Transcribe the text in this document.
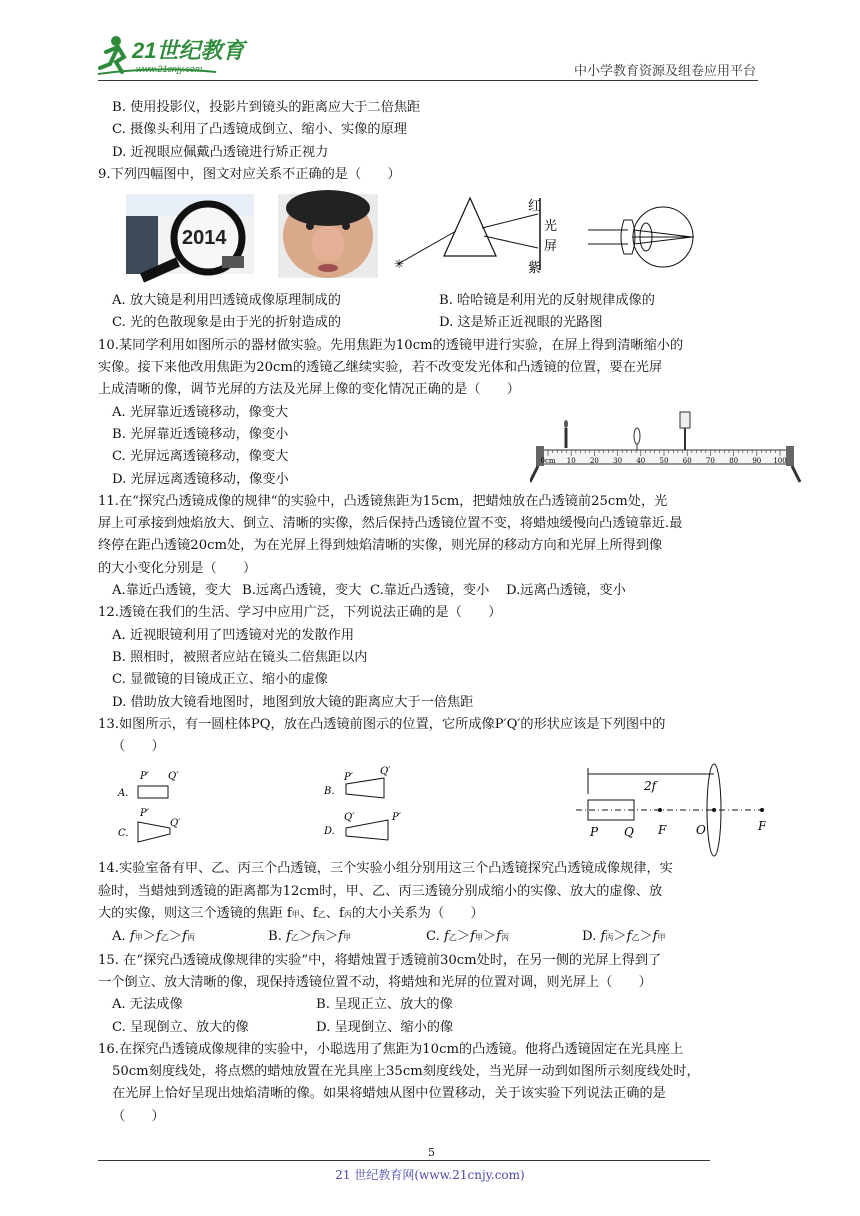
21世纪教育
www.21cnjy.com	中小学教育资源及组卷应用平台
B. 使用投影仪，投影片到镜头的距离应大于二倍焦距
C. 摄像头利用了凸透镜成倒立、缩小、实像的原理
D. 近视眼应佩戴凸透镜进行矫正视力
9.下列四幅图中，图文对应关系不正确的是（　　）
2014
✳
红
光
屏
紫
A. 放大镜是利用凹透镜成像原理制成的	B. 哈哈镜是利用光的反射规律成像的
C. 光的色散现象是由于光的折射造成的	D. 这是矫正近视眼的光路图
10.某同学利用如图所示的器材做实验。先用焦距为10cm的透镜甲进行实验，在屏上得到清晰缩小的
实像。接下来他改用焦距为20cm的透镜乙继续实验，若不改变发光体和凸透镜的位置，要在光屏
上成清晰的像，调节光屏的方法及光屏上像的变化情况正确的是（　　）
A. 光屏靠近透镜移动，像变大
B. 光屏靠近透镜移动，像变小
C. 光屏远离透镜移动，像变大
D. 光屏远离透镜移动，像变小
0cm 10 20 30 40 50 60 70 80 90 100
11.在“探究凸透镜成像的规律“的实验中，凸透镜焦距为15cm，把蜡烛放在凸透镜前25cm处，光
屏上可承接到烛焰放大、倒立、清晰的实像，然后保持凸透镜位置不变，将蜡烛缓慢向凸透镜靠近.最
终停在距凸透镜20cm处，为在光屏上得到烛焰清晰的实像，则光屏的移动方向和光屏上所得到像
的大小变化分别是（　　）
A.靠近凸透镜，变大 B.远离凸透镜，变大 C.靠近凸透镜，变小	D.远离凸透镜，变小
12.透镜在我们的生活、学习中应用广泛，下列说法正确的是（　　）
A. 近视眼镜利用了凹透镜对光的发散作用
B. 照相时，被照者应站在镜头二倍焦距以内
C. 显微镜的目镜成正立、缩小的虚像
D. 借助放大镜看地图时，地图到放大镜的距离应大于一倍焦距
13.如图所示，有一圆柱体PQ，放在凸透镜前图示的位置，它所成像P′Q′的形状应该是下列图中的
（　　）
A.
P′ Q′
C.
P′
Q′
B.
P′
Q′
D.
Q′	P′
2f
P Q F O	F
14.实验室备有甲、乙、丙三个凸透镜，三个实验小组分别用这三个凸透镜探究凸透镜成像规律，实
验时，当蜡烛到透镜的距离都为12cm时，甲、乙、丙三透镜分别成缩小的实像、放大的虚像、放
大的实像，则这三个透镜的焦距 f甲、f乙、f丙的大小关系为（　　）
A. f甲＞f乙＞f丙	B. f乙＞f丙＞f甲	C. f乙＞f甲＞f丙	D. f丙＞f乙＞f甲
15. 在“探究凸透镜成像规律的实验”中，将蜡烛置于透镜前30cm处时，在另一侧的光屏上得到了
一个倒立、放大清晰的像，现保持透镜位置不动，将蜡烛和光屏的位置对调，则光屏上（　　）
A. 无法成像	B. 呈现正立、放大的像
C. 呈现倒立、放大的像	D. 呈现倒立、缩小的像
16.在探究凸透镜成像规律的实验中，小聪选用了焦距为10cm的凸透镜。他将凸透镜固定在光具座上
50cm刻度线处，将点燃的蜡烛放置在光具座上35cm刻度线处，当光屏一动到如图所示刻度线处时，
在光屏上恰好呈现出烛焰清晰的像。如果将蜡烛从图中位置移动，关于该实验下列说法正确的是
（　　）
5
21 世纪教育网(www.21cnjy.com)
